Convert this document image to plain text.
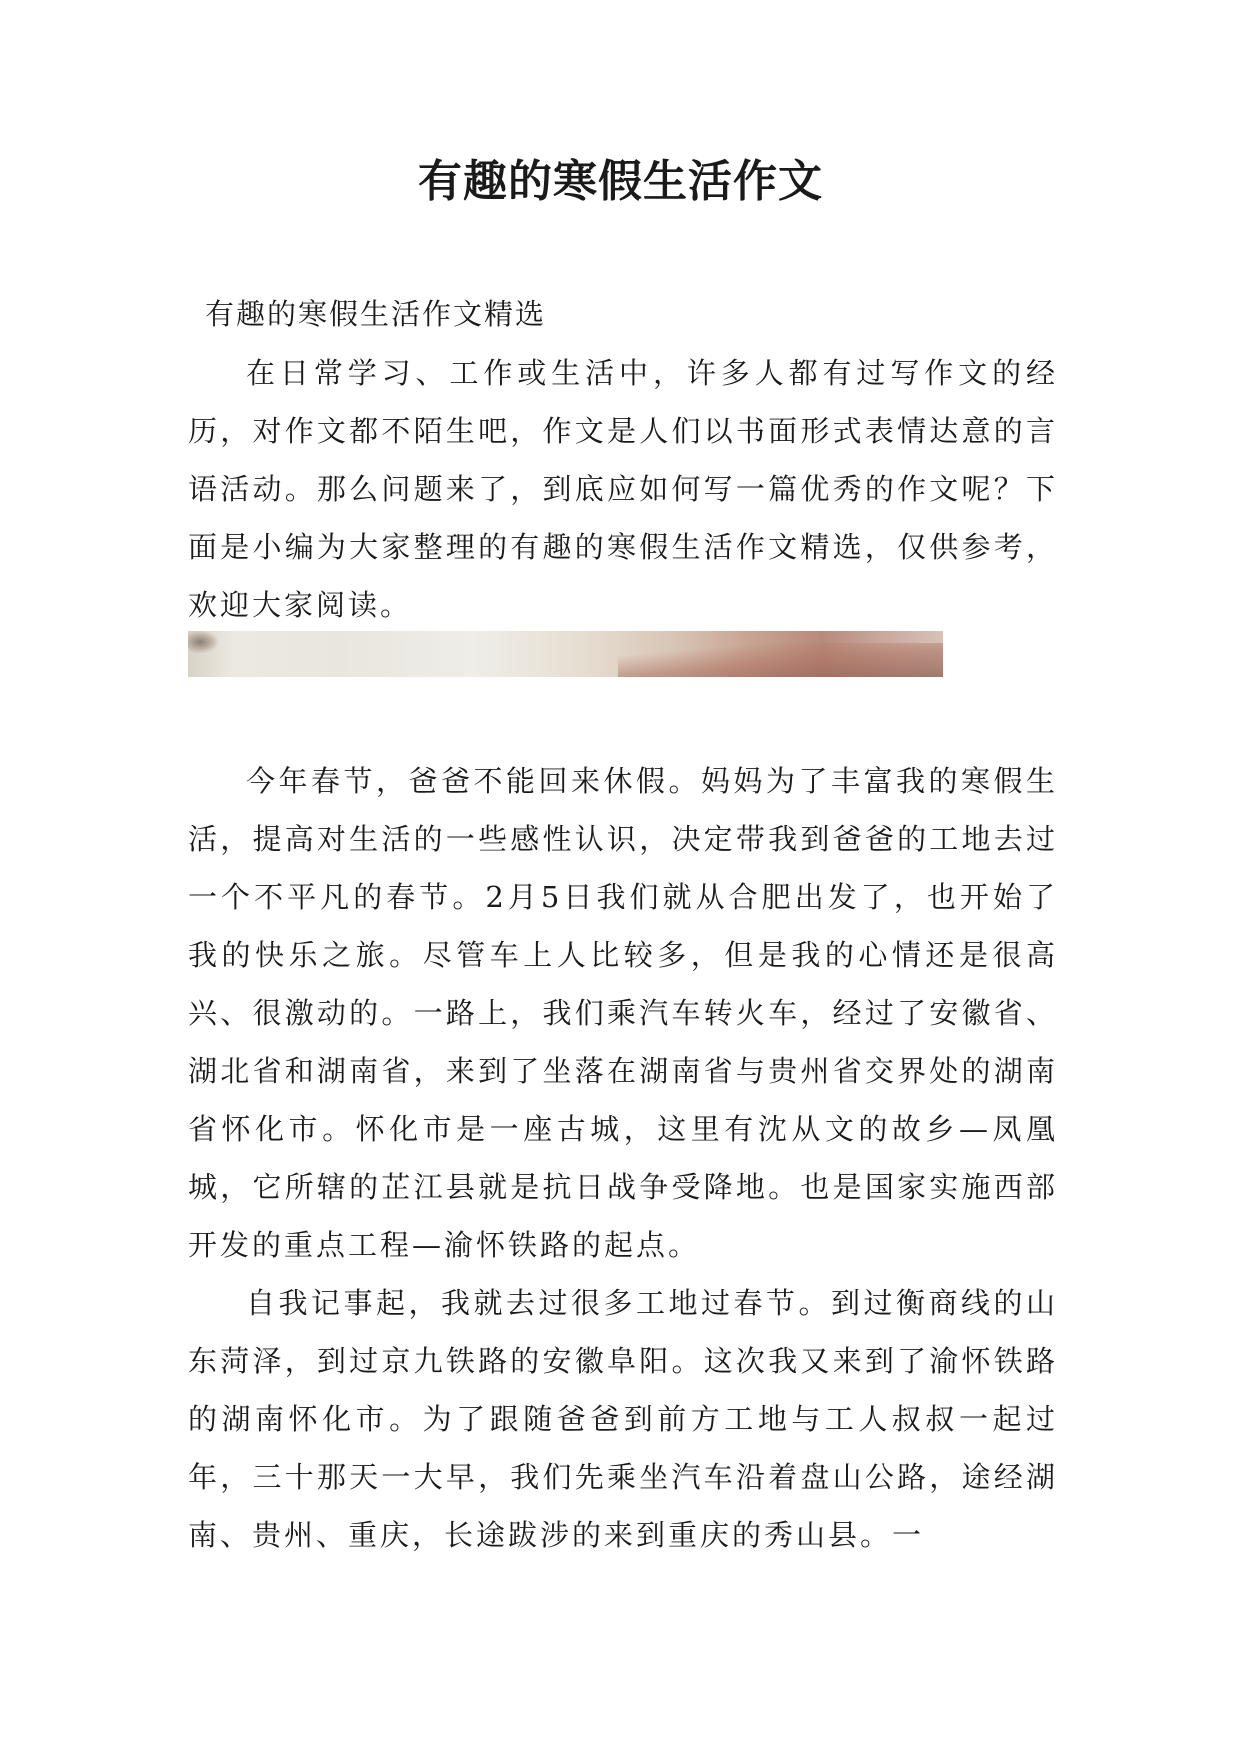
有趣的寒假生活作文
有趣的寒假生活作文精选

在日常学习、工作或生活中，许多人都有过写作文的经历，对作文都不陌生吧，作文是人们以书面形式表情达意的言语活动。那么问题来了，到底应如何写一篇优秀的作文呢？下面是小编为大家整理的有趣的寒假生活作文精选，仅供参考，欢迎大家阅读。

今年春节，爸爸不能回来休假。妈妈为了丰富我的寒假生活，提高对生活的一些感性认识，决定带我到爸爸的工地去过一个不平凡的春节。2月5日我们就从合肥出发了，也开始了我的快乐之旅。尽管车上人比较多，但是我的心情还是很高兴、很激动的。一路上，我们乘汽车转火车，经过了安徽省、湖北省和湖南省，来到了坐落在湖南省与贵州省交界处的湖南省怀化市。怀化市是一座古城，这里有沈从文的故乡—凤凰城，它所辖的芷江县就是抗日战争受降地。也是国家实施西部开发的重点工程—渝怀铁路的起点。

自我记事起，我就去过很多工地过春节。到过衡商线的山东菏泽，到过京九铁路的安徽阜阳。这次我又来到了渝怀铁路的湖南怀化市。为了跟随爸爸到前方工地与工人叔叔一起过年，三十那天一大早，我们先乘坐汽车沿着盘山公路，途经湖南、贵州、重庆，长途跋涉的来到重庆的秀山县。一
